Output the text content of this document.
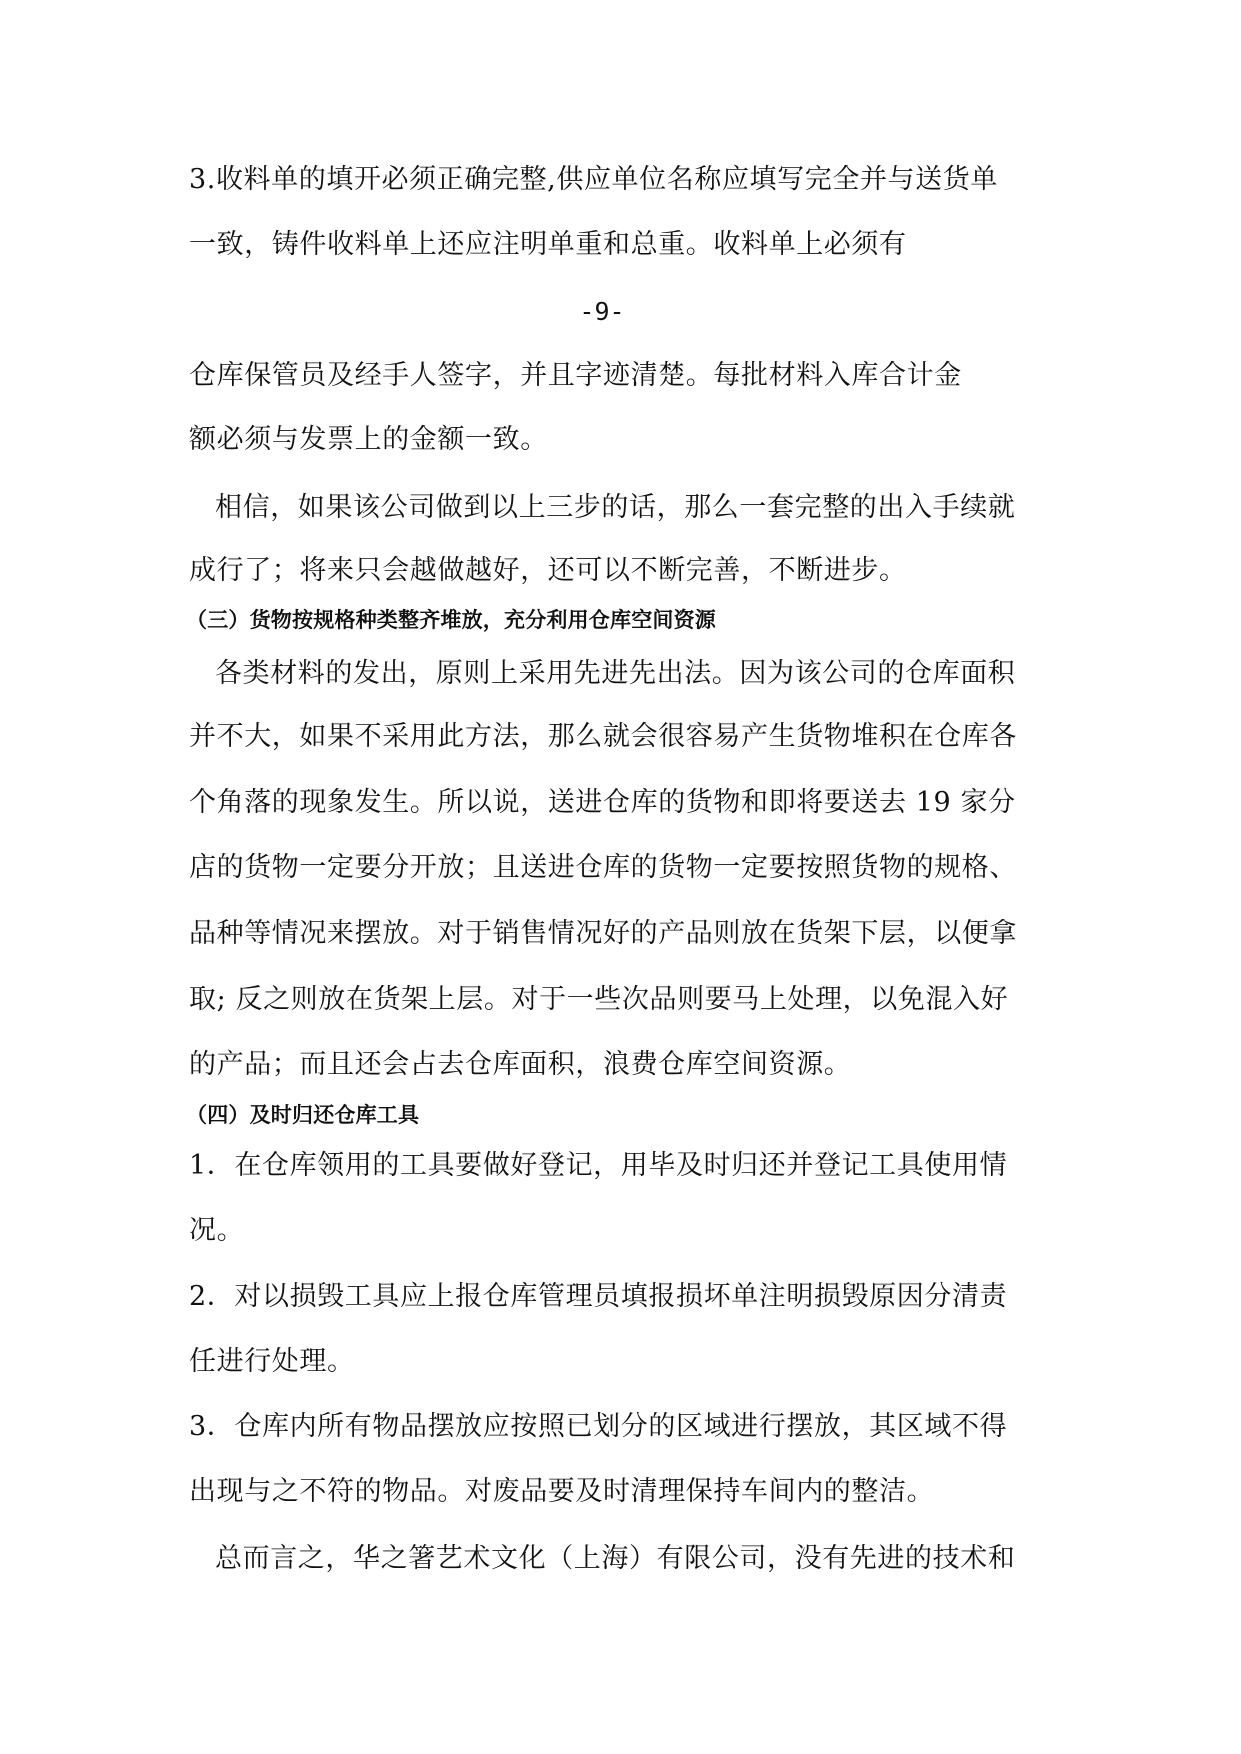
3.收料单的填开必须正确完整,供应单位名称应填写完全并与送货单

一致，铸件收料单上还应注明单重和总重。收料单上必须有

-9-

仓库保管员及经手人签字，并且字迹清楚。每批材料入库合计金

额必须与发票上的金额一致。

相信，如果该公司做到以上三步的话，那么一套完整的出入手续就

成行了；将来只会越做越好，还可以不断完善，不断进步。

（三）货物按规格种类整齐堆放，充分利用仓库空间资源

各类材料的发出，原则上采用先进先出法。因为该公司的仓库面积

并不大，如果不采用此方法，那么就会很容易产生货物堆积在仓库各

个角落的现象发生。所以说，送进仓库的货物和即将要送去 19 家分

店的货物一定要分开放；且送进仓库的货物一定要按照货物的规格、

品种等情况来摆放。对于销售情况好的产品则放在货架下层，以便拿

取; 反之则放在货架上层。对于一些次品则要马上处理，以免混入好

的产品；而且还会占去仓库面积，浪费仓库空间资源。

（四）及时归还仓库工具

1．在仓库领用的工具要做好登记，用毕及时归还并登记工具使用情

况。

2．对以损毁工具应上报仓库管理员填报损坏单注明损毁原因分清责

任进行处理。

3．仓库内所有物品摆放应按照已划分的区域进行摆放，其区域不得

出现与之不符的物品。对废品要及时清理保持车间内的整洁。

总而言之，华之箸艺术文化（上海）有限公司，没有先进的技术和
